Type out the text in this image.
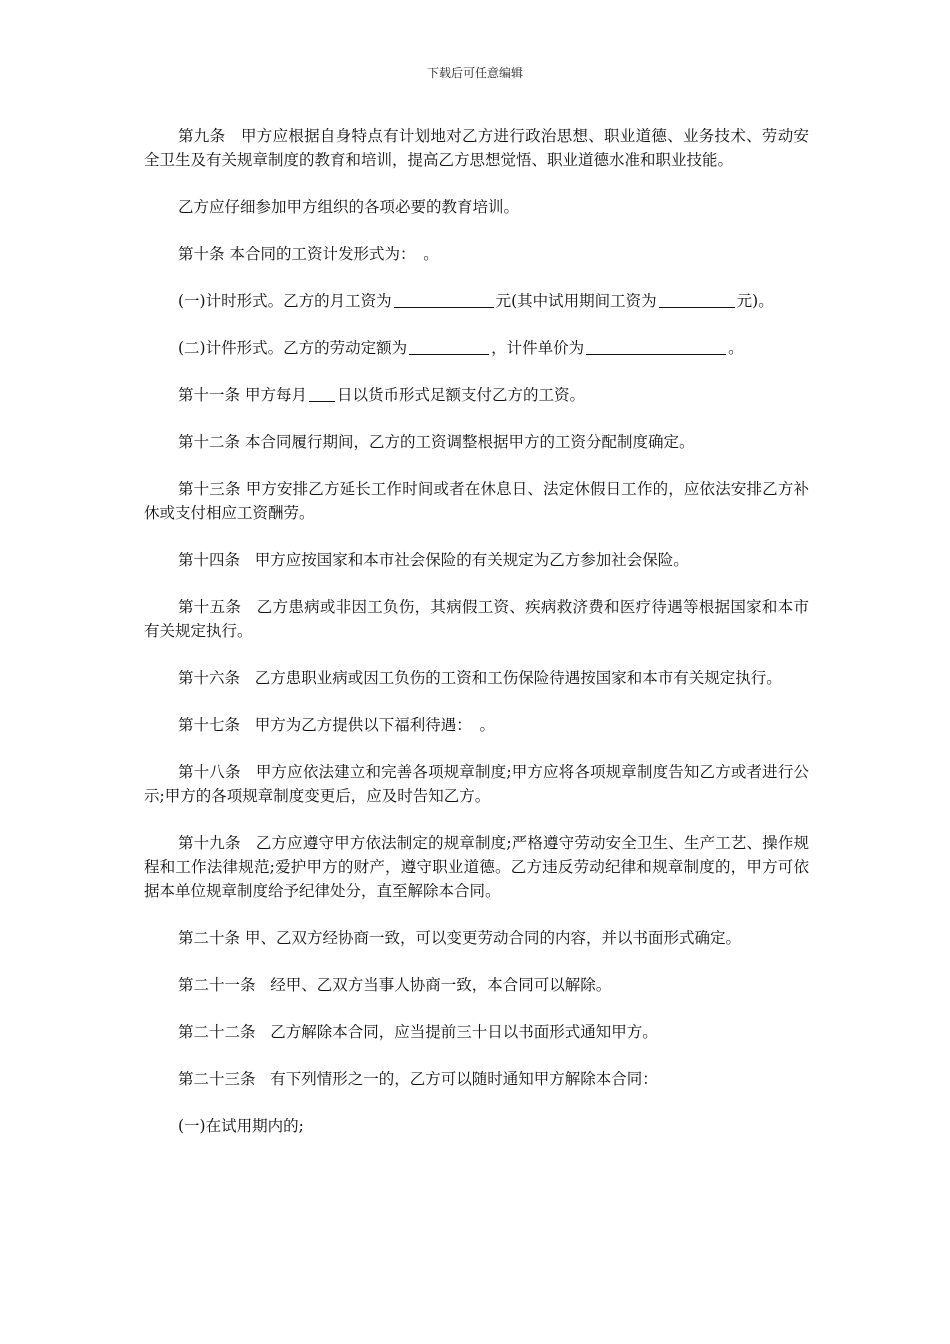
下载后可任意编辑

第九条 甲方应根据自身特点有计划地对乙方进行政治思想、职业道德、业务技术、劳动安全卫生及有关规章制度的教育和培训，提高乙方思想觉悟、职业道德水准和职业技能。

乙方应仔细参加甲方组织的各项必要的教育培训。

第十条 本合同的工资计发形式为：　。

(一)计时形式。乙方的月工资为	元(其中试用期间工资为	元)。

(二)计件形式。乙方的劳动定额为	，计件单价为	。

第十一条 甲方每月 日以货币形式足额支付乙方的工资。

第十二条 本合同履行期间，乙方的工资调整根据甲方的工资分配制度确定。

第十三条 甲方安排乙方延长工作时间或者在休息日、法定休假日工作的，应依法安排乙方补休或支付相应工资酬劳。

第十四条 甲方应按国家和本市社会保险的有关规定为乙方参加社会保险。

第十五条 乙方患病或非因工负伤，其病假工资、疾病救济费和医疗待遇等根据国家和本市有关规定执行。

第十六条 乙方患职业病或因工负伤的工资和工伤保险待遇按国家和本市有关规定执行。

第十七条 甲方为乙方提供以下福利待遇：　。

第十八条 甲方应依法建立和完善各项规章制度;甲方应将各项规章制度告知乙方或者进行公示;甲方的各项规章制度变更后，应及时告知乙方。

第十九条 乙方应遵守甲方依法制定的规章制度;严格遵守劳动安全卫生、生产工艺、操作规程和工作法律规范;爱护甲方的财产，遵守职业道德。乙方违反劳动纪律和规章制度的，甲方可依据本单位规章制度给予纪律处分，直至解除本合同。

第二十条 甲、乙双方经协商一致，可以变更劳动合同的内容，并以书面形式确定。

第二十一条 经甲、乙双方当事人协商一致，本合同可以解除。

第二十二条 乙方解除本合同，应当提前三十日以书面形式通知甲方。

第二十三条 有下列情形之一的，乙方可以随时通知甲方解除本合同：

(一)在试用期内的;
